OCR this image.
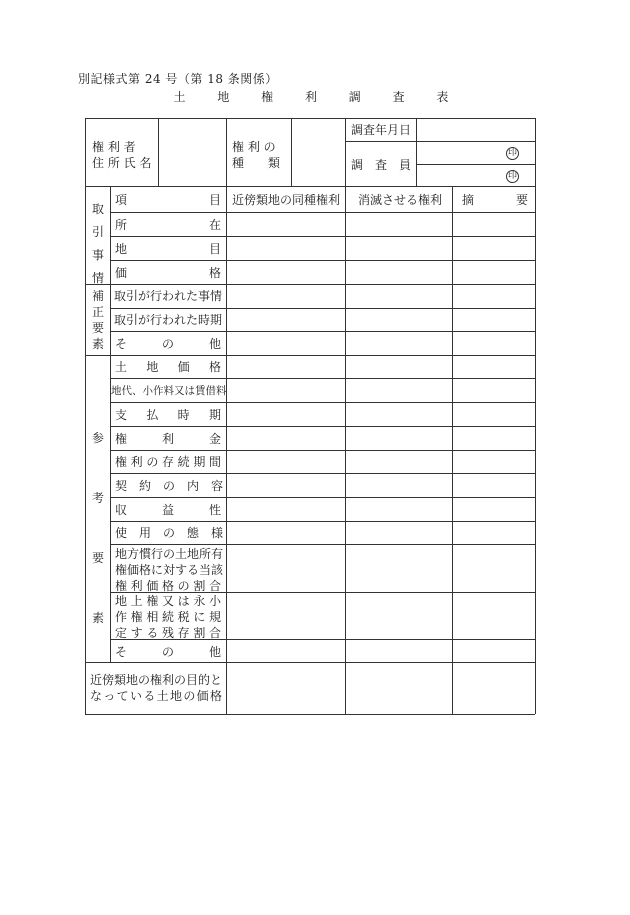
別記様式第 24 号（第 18 条関係）
土 地 権 利 調 査 表
権 利 者
住 所 氏 名
権 利 の
種　　類
調査年月日
調　査　員
印
印
項　　　　目 近傍類地の同種権利 消滅させる権利 摘　　　要
取引事情
補正要素
参考要素
所　　　　在
地　　　　目
価　　　　格
取引が行われた事情
取引が行われた時期
そ　　の　　他
土　地　価　格
地代、小作料又は賃借料
支　払　時　期
権　　利　　金
権利の存続期間
契　約　の　内　容
収　　益　　性
使　用　の　態　様
地方慣行の土地所有
権価格に対する当該
権利価格の割合
地上権又は永小
作権相続税に規
定する残存割合
そ　　の　　他
近傍類地の権利の目的と
なっている土地の価格
